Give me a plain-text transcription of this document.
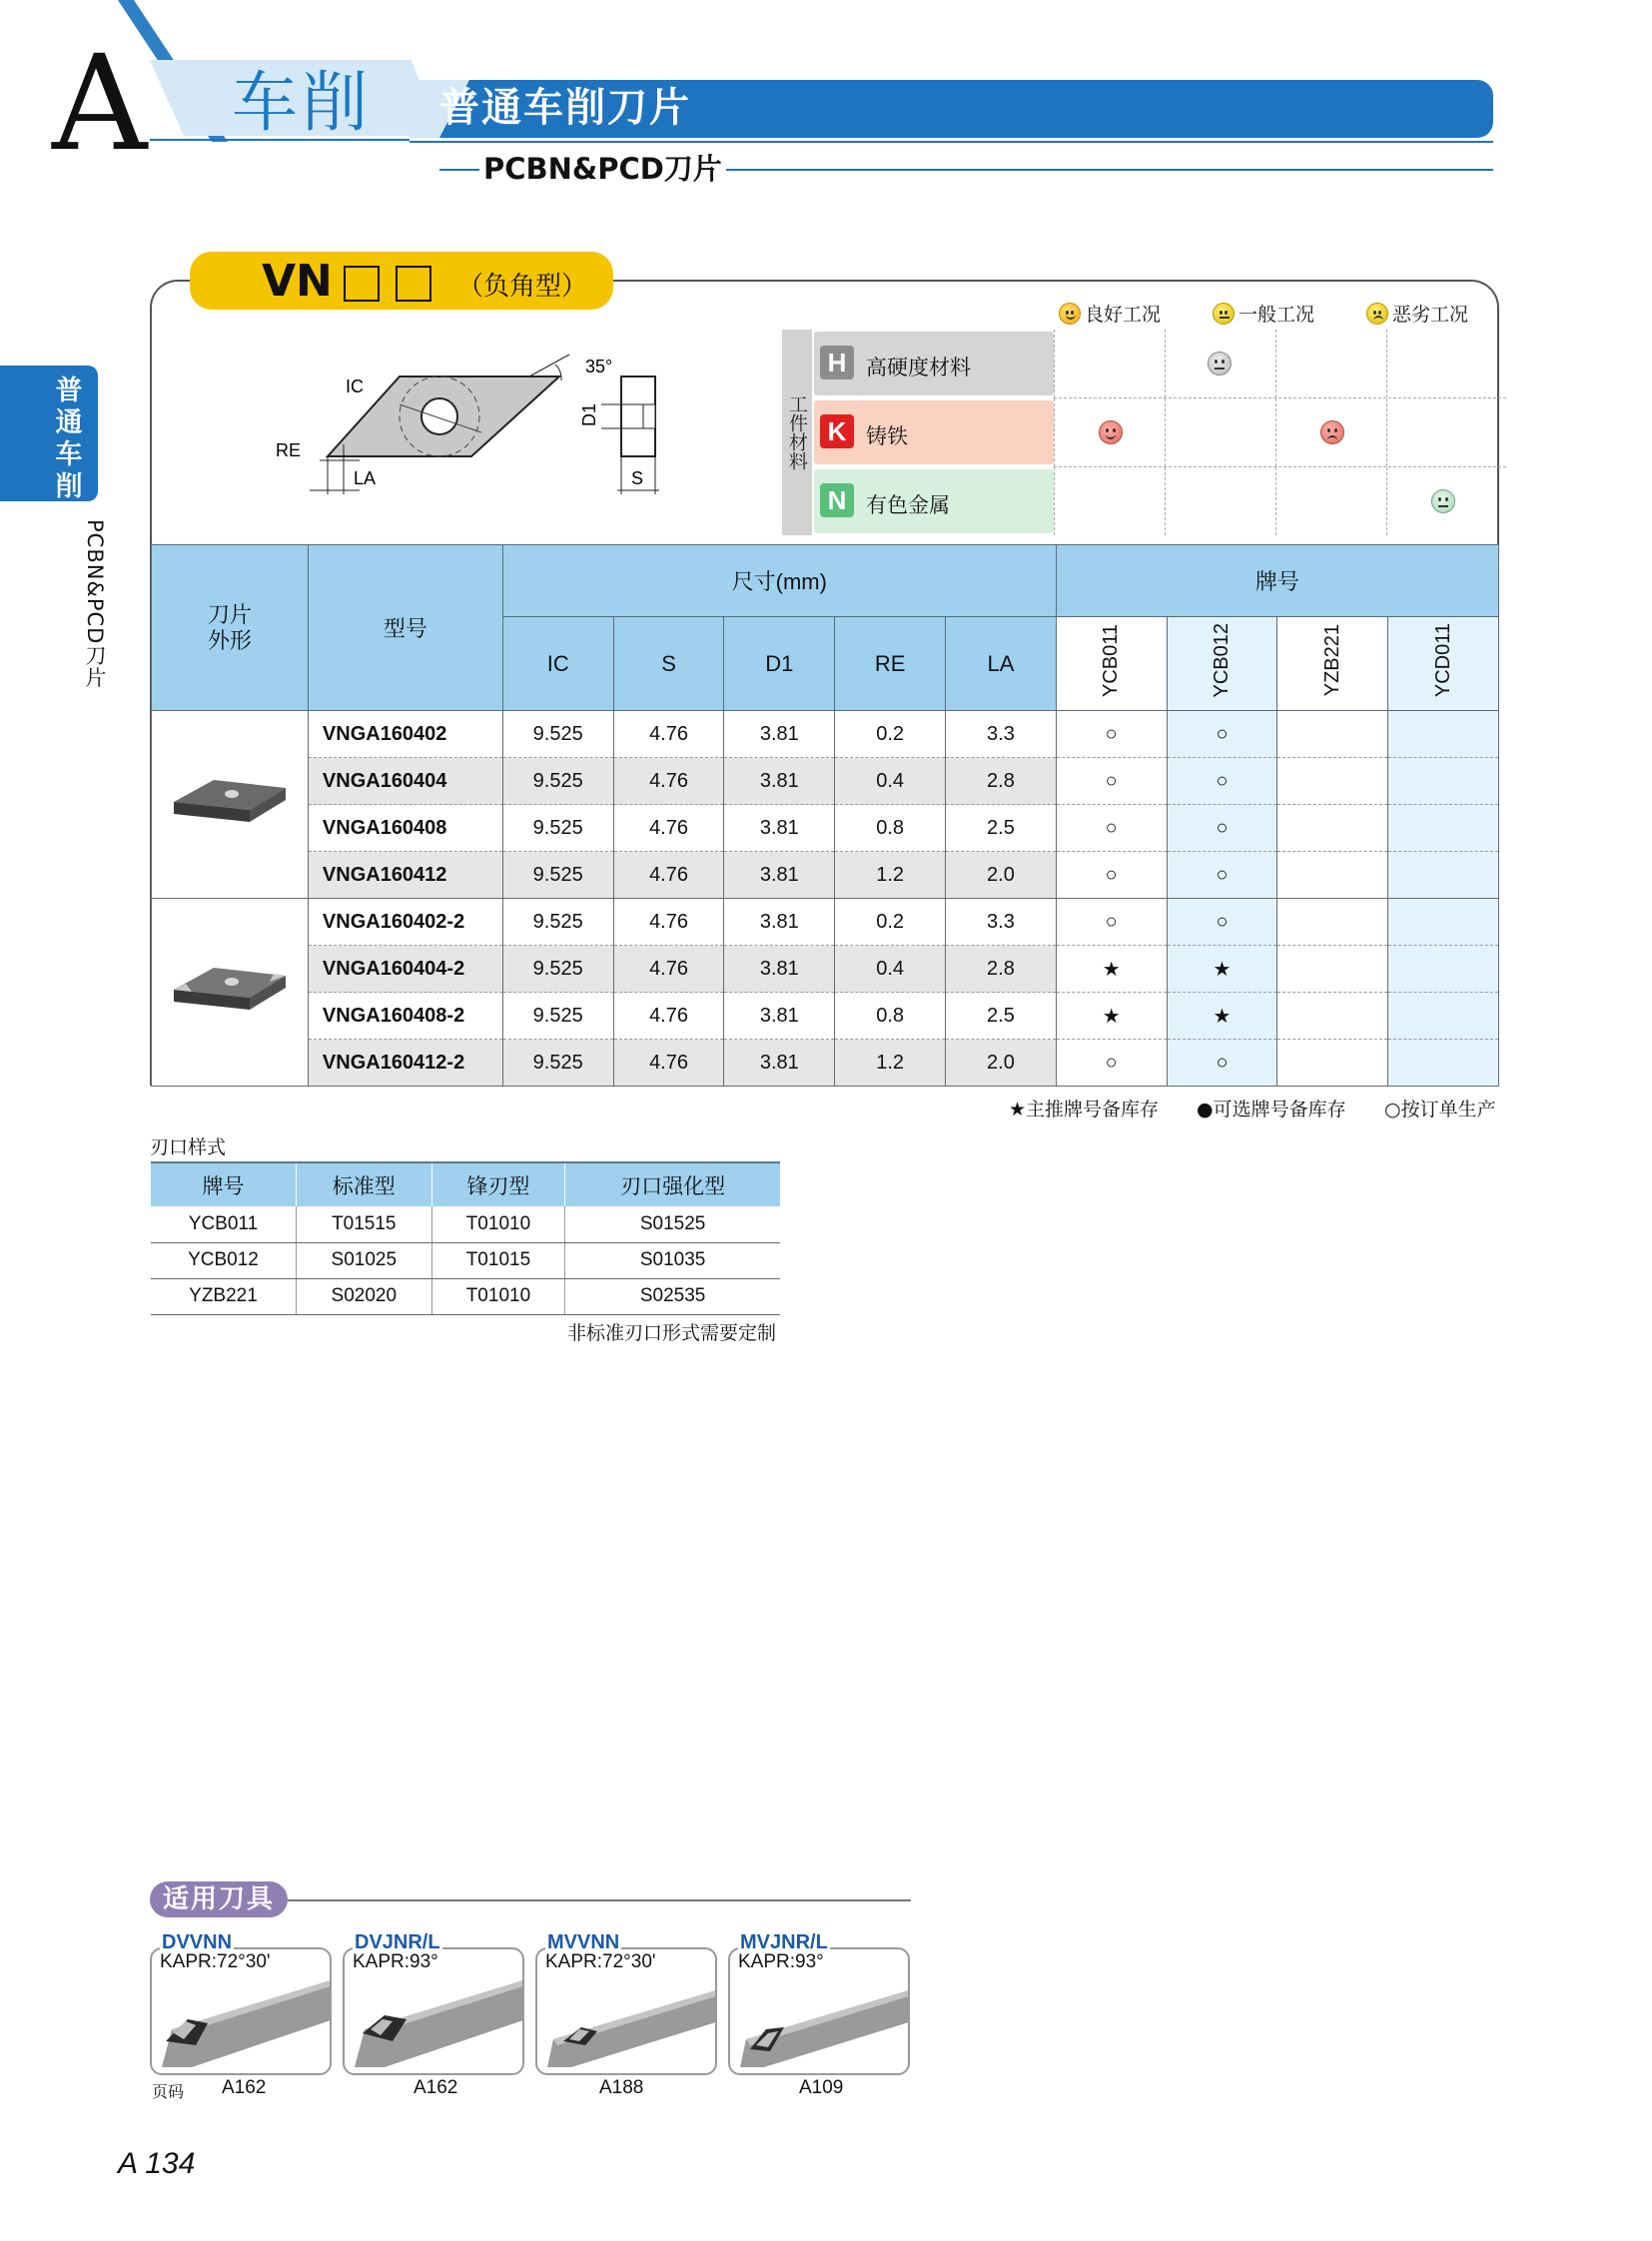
A 车削 普通车削刀片
PCBN&PCD刀片
普通车削
PCBN&PCD刀片
VN	（负角型）
IC
RE
LA
35°
D1
S
良好工况	一般工况	恶劣工况
工件材料
H 高硬度材料
K 铸铁
N 有色金属
刀片外形	型号	尺寸(mm)					牌号			
		IC	S	D1	RE	LA	YCB011	YCB012	YZB221	YCD011
	VNGA160402	9.525	4.76	3.81	0.2	3.3	○	○		
	VNGA160404	9.525	4.76	3.81	0.4	2.8	○	○		
	VNGA160408	9.525	4.76	3.81	0.8	2.5	○	○		
	VNGA160412	9.525	4.76	3.81	1.2	2.0	○	○		
	VNGA160402-2	9.525	4.76	3.81	0.2	3.3	○	○		
	VNGA160404-2	9.525	4.76	3.81	0.4	2.8	★	★		
	VNGA160408-2	9.525	4.76	3.81	0.8	2.5	★	★		
	VNGA160412-2	9.525	4.76	3.81	1.2	2.0	○	○		
★主推牌号备库存 ●可选牌号备库存 ○按订单生产
刃口样式
牌号	标准型	锋刃型	刃口强化型
YCB011	T01515	T01010	S01525
YCB012	S01025	T01015	S01035
YZB221	S02020	T01010	S02535
非标准刃口形式需要定制
适用刀具
DVVNN
KAPR:72°30'
DVJNR/L
KAPR:93°
MVVNN
KAPR:72°30'
MVJNR/L
KAPR:93°
页码 A162	A162	A188	A109
A 134
